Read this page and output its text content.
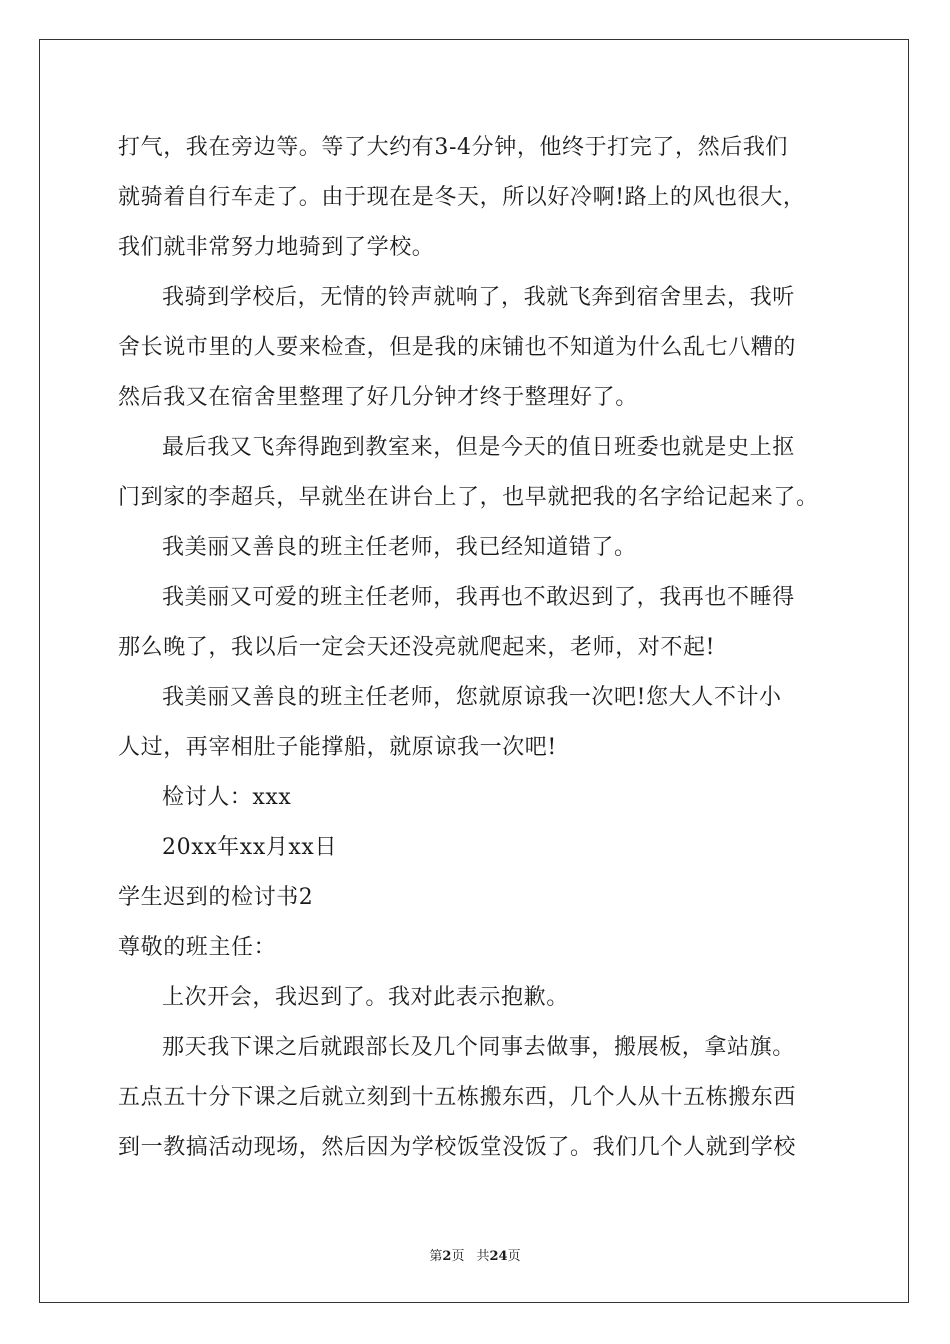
打气，我在旁边等。等了大约有3-4分钟，他终于打完了，然后我们
就骑着自行车走了。由于现在是冬天，所以好冷啊!路上的风也很大，
我们就非常努力地骑到了学校。
我骑到学校后，无情的铃声就响了，我就飞奔到宿舍里去，我听
舍长说市里的人要来检查，但是我的床铺也不知道为什么乱七八糟的
然后我又在宿舍里整理了好几分钟才终于整理好了。
最后我又飞奔得跑到教室来，但是今天的值日班委也就是史上抠
门到家的李超兵，早就坐在讲台上了，也早就把我的名字给记起来了。
我美丽又善良的班主任老师，我已经知道错了。
我美丽又可爱的班主任老师，我再也不敢迟到了，我再也不睡得
那么晚了，我以后一定会天还没亮就爬起来，老师，对不起!
我美丽又善良的班主任老师，您就原谅我一次吧!您大人不计小
人过，再宰相肚子能撑船，就原谅我一次吧!
检讨人：xxx
20xx年xx月xx日
学生迟到的检讨书2
尊敬的班主任：
上次开会，我迟到了。我对此表示抱歉。
那天我下课之后就跟部长及几个同事去做事，搬展板，拿站旗。
五点五十分下课之后就立刻到十五栋搬东西，几个人从十五栋搬东西
到一教搞活动现场，然后因为学校饭堂没饭了。我们几个人就到学校
第2页 共24页
